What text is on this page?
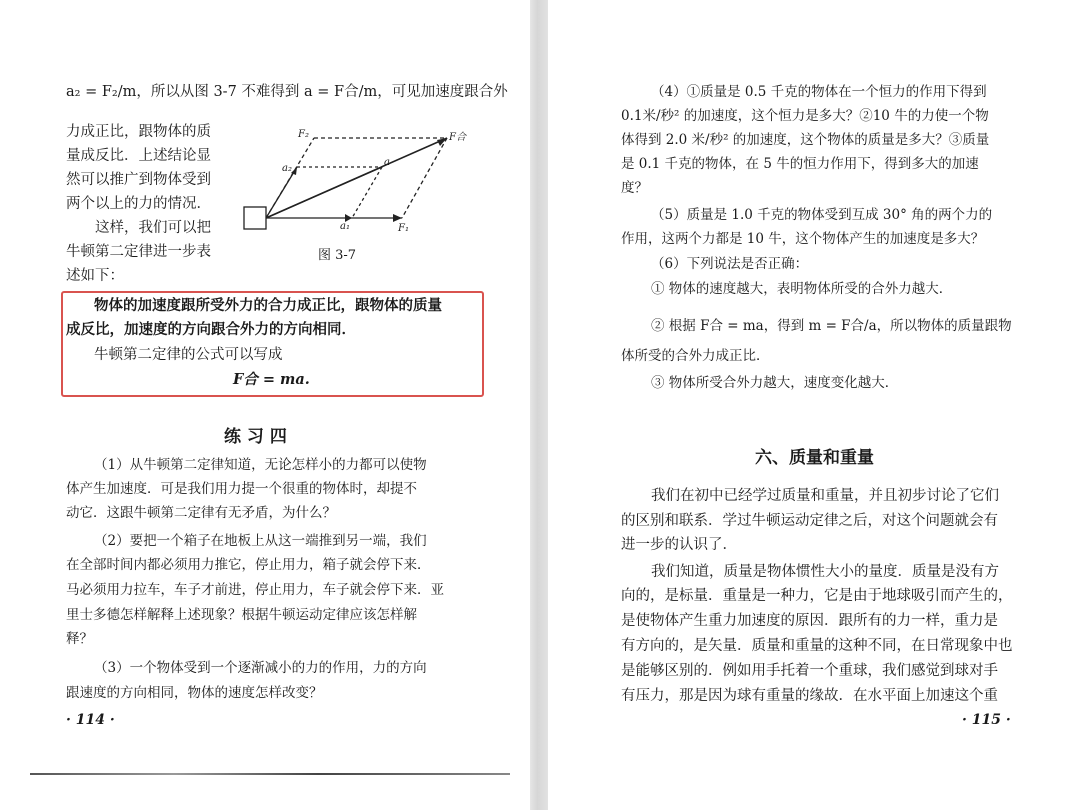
a₂ = F₂/m，所以从图 3-7 不难得到 a = F合/m，可见加速度跟合外
力成正比，跟物体的质
量成反比．上述结论显
然可以推广到物体受到
两个以上的力的情况．
这样，我们可以把
牛顿第二定律进一步表
述如下：
F₂	F合
F₁
a
a₂
a₁
图 3-7
物体的加速度跟所受外力的合力成正比，跟物体的质量
成反比，加速度的方向跟合外力的方向相同．
牛顿第二定律的公式可以写成
F合 = ma.
练 习 四
（1）从牛顿第二定律知道，无论怎样小的力都可以使物
体产生加速度．可是我们用力提一个很重的物体时，却提不
动它．这跟牛顿第二定律有无矛盾，为什么？
（2）要把一个箱子在地板上从这一端推到另一端，我们
在全部时间内都必须用力推它，停止用力，箱子就会停下来．
马必须用力拉车，车子才前进，停止用力，车子就会停下来．亚
里士多德怎样解释上述现象？根据牛顿运动定律应该怎样解
释？
（3）一个物体受到一个逐渐减小的力的作用，力的方向
跟速度的方向相同，物体的速度怎样改变？
· 114 ·
（4）①质量是 0.5 千克的物体在一个恒力的作用下得到
0.1米/秒² 的加速度，这个恒力是多大？②10 牛的力使一个物
体得到 2.0 米/秒² 的加速度，这个物体的质量是多大？③质量
是 0.1 千克的物体，在 5 牛的恒力作用下，得到多大的加速
度？
（5）质量是 1.0 千克的物体受到互成 30° 角的两个力的
作用，这两个力都是 10 牛，这个物体产生的加速度是多大？
（6）下列说法是否正确：
① 物体的速度越大，表明物体所受的合外力越大．
② 根据 F合 = ma，得到 m = F合/a，所以物体的质量跟物
体所受的合外力成正比．
③ 物体所受合外力越大，速度变化越大．
六、质量和重量
我们在初中已经学过质量和重量，并且初步讨论了它们
的区别和联系．学过牛顿运动定律之后，对这个问题就会有
进一步的认识了．
我们知道，质量是物体惯性大小的量度．质量是没有方
向的，是标量．重量是一种力，它是由于地球吸引而产生的，
是使物体产生重力加速度的原因．跟所有的力一样，重力是
有方向的，是矢量．质量和重量的这种不同，在日常现象中也
是能够区别的．例如用手托着一个重球，我们感觉到球对手
有压力，那是因为球有重量的缘故．在水平面上加速这个重
· 115 ·
